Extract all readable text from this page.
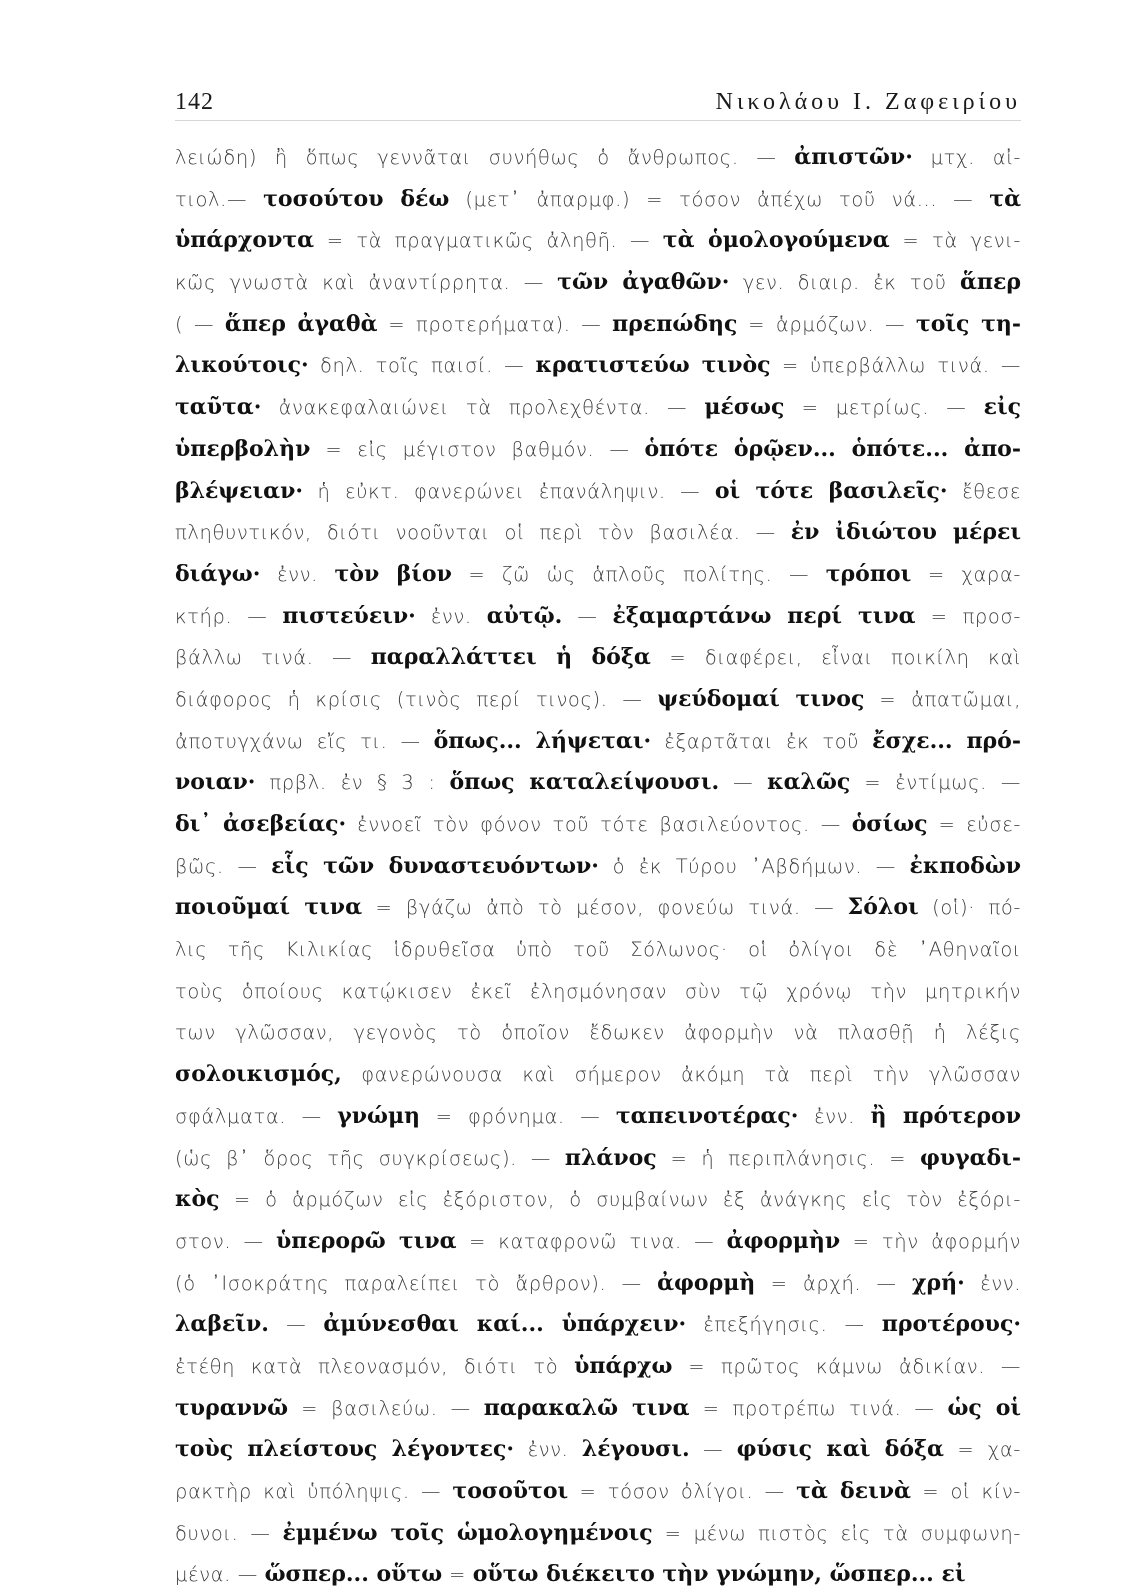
142	Νικολάου Ι. Ζαφειρίου
λειώδη) ἢ ὅπως γεννᾶται συνήθως ὁ ἄνθρωπος. — ἀπιστῶν· μτχ. αἰ-
τιολ.— τοσούτου δέω (μετ᾽ ἀπαρμφ.) = τόσον ἀπέχω τοῦ νά... — τὰ
ὑπάρχοντα = τὰ πραγματικῶς ἀληθῆ. — τὰ ὁμολογούμενα = τὰ γενι-
κῶς γνωστὰ καὶ ἀναντίρρητα. — τῶν ἀγαθῶν· γεν. διαιρ. ἐκ τοῦ ἅπερ
( — ἅπερ ἀγαθὰ = προτερήματα). — πρεπώδης = ἁρμόζων. — τοῖς τη-
λικούτοις· δηλ. τοῖς παισί. — κρατιστεύω τινὸς = ὑπερβάλλω τινά. —
ταῦτα· ἀνακεφαλαιώνει τὰ προλεχθέντα. — μέσως = μετρίως. — εἰς
ὑπερβολὴν = εἰς μέγιστον βαθμόν. — ὁπότε ὁρῷεν... ὁπότε... ἀπο-
βλέψειαν· ἡ εὐκτ. φανερώνει ἐπανάληψιν. — οἱ τότε βασιλεῖς· ἔθεσε
πληθυντικόν, διότι νοοῦνται οἱ περὶ τὸν βασιλέα. — ἐν ἰδιώτου μέρει
διάγω· ἐνν. τὸν βίον = ζῶ ὡς ἁπλοῦς πολίτης. — τρόποι = χαρα-
κτήρ. — πιστεύειν· ἐνν. αὐτῷ. — ἐξαμαρτάνω περί τινα = προσ-
βάλλω τινά. — παραλλάττει ἡ δόξα = διαφέρει, εἶναι ποικίλη καὶ
διάφορος ἡ κρίσις (τινὸς περί τινος). — ψεύδομαί τινος = ἀπατῶμαι,
ἀποτυγχάνω εἴς τι. — ὅπως... λήψεται· ἐξαρτᾶται ἐκ τοῦ ἔσχε... πρό-
νοιαν· πρβλ. ἐν § 3 : ὅπως καταλείψουσι. — καλῶς = ἐντίμως. —
δι᾽ ἀσεβείας· ἐννοεῖ τὸν φόνον τοῦ τότε βασιλεύοντος. — ὁσίως = εὐσε-
βῶς. — εἷς τῶν δυναστευόντων· ὁ ἐκ Τύρου ᾿Αβδήμων. — ἐκποδὼν
ποιοῦμαί τινα = βγάζω ἀπὸ τὸ μέσον, φονεύω τινά. — Σόλοι (οἱ)· πό-
λις τῆς Κιλικίας ἱδρυθεῖσα ὑπὸ τοῦ Σόλωνος· οἱ ὀλίγοι δὲ ᾿Αθηναῖοι
τοὺς ὁποίους κατῴκισεν ἐκεῖ ἐλησμόνησαν σὺν τῷ χρόνῳ τὴν μητρικήν
των γλῶσσαν, γεγονὸς τὸ ὁποῖον ἔδωκεν ἀφορμὴν νὰ πλασθῇ ἡ λέξις
σολοικισμός, φανερώνουσα καὶ σήμερον ἀκόμη τὰ περὶ τὴν γλῶσσαν
σφάλματα. — γνώμη = φρόνημα. — ταπεινοτέρας· ἐνν. ἢ πρότερον
(ὡς β᾽ ὅρος τῆς συγκρίσεως). — πλάνος = ἡ περιπλάνησις. = φυγαδι-
κὸς = ὁ ἁρμόζων εἰς ἐξόριστον, ὁ συμβαίνων ἐξ ἀνάγκης εἰς τὸν ἐξόρι-
στον. — ὑπερορῶ τινα = καταφρονῶ τινα. — ἀφορμὴν = τὴν ἀφορμήν
(ὁ ᾿Ισοκράτης παραλείπει τὸ ἄρθρον). — ἀφορμὴ = ἀρχή. — χρή· ἐνν.
λαβεῖν. — ἀμύνεσθαι καί... ὑπάρχειν· ἐπεξήγησις. — προτέρους·
ἐτέθη κατὰ πλεονασμόν, διότι τὸ ὑπάρχω = πρῶτος κάμνω ἀδικίαν. —
τυραννῶ = βασιλεύω. — παρακαλῶ τινα = προτρέπω τινά. — ὡς οἱ
τοὺς πλείστους λέγοντες· ἐνν. λέγουσι. — φύσις καὶ δόξα = χα-
ρακτὴρ καὶ ὑπόληψις. — τοσοῦτοι = τόσον ὀλίγοι. — τὰ δεινὰ = οἱ κίν-
δυνοι. — ἐμμένω τοῖς ὡμολογημένοις = μένω πιστὸς εἰς τὰ συμφωνη-
μένα. — ὥσπερ... οὕτω = οὕτω διέκειτο τὴν γνώμην, ὥσπερ... εἰ
